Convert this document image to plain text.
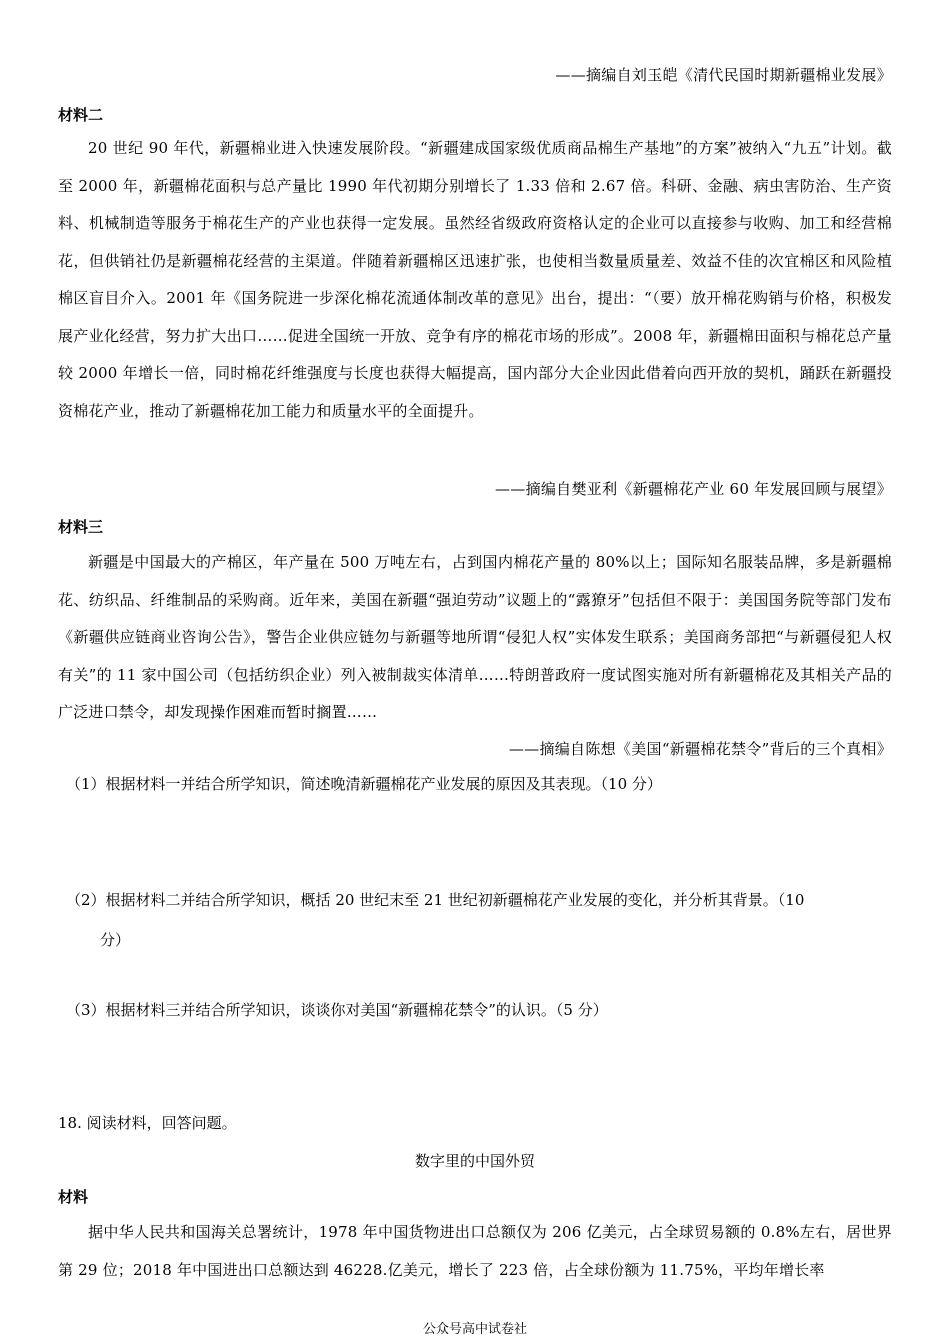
——摘编自刘玉皑《清代民国时期新疆棉业发展》
材料二
20 世纪 90 年代，新疆棉业进入快速发展阶段。“新疆建成国家级优质商品棉生产基地”的方案”被纳入“九五”计划。截至 2000 年，新疆棉花面积与总产量比 1990 年代初期分别增长了 1.33 倍和 2.67 倍。科研、金融、病虫害防治、生产资料、机械制造等服务于棉花生产的产业也获得一定发展。虽然经省级政府资格认定的企业可以直接参与收购、加工和经营棉花，但供销社仍是新疆棉花经营的主渠道。伴随着新疆棉区迅速扩张，也使相当数量质量差、效益不佳的次宜棉区和风险植棉区盲目介入。2001 年《国务院进一步深化棉花流通体制改革的意见》出台，提出：“（要）放开棉花购销与价格，积极发展产业化经营，努力扩大出口……促进全国统一开放、竞争有序的棉花市场的形成”。2008 年，新疆棉田面积与棉花总产量较 2000 年增长一倍，同时棉花纤维强度与长度也获得大幅提高，国内部分大企业因此借着向西开放的契机，踊跃在新疆投资棉花产业，推动了新疆棉花加工能力和质量水平的全面提升。
——摘编自樊亚利《新疆棉花产业 60 年发展回顾与展望》
材料三
新疆是中国最大的产棉区，年产量在 500 万吨左右，占到国内棉花产量的 80%以上；国际知名服装品牌，多是新疆棉花、纺织品、纤维制品的采购商。近年来，美国在新疆“强迫劳动”议题上的“露獠牙”包括但不限于：美国国务院等部门发布《新疆供应链商业咨询公告》，警告企业供应链勿与新疆等地所谓“侵犯人权”实体发生联系；美国商务部把“与新疆侵犯人权有关”的 11 家中国公司（包括纺织企业）列入被制裁实体清单……特朗普政府一度试图实施对所有新疆棉花及其相关产品的广泛进口禁令，却发现操作困难而暂时搁置……
——摘编自陈想《美国“新疆棉花禁令”背后的三个真相》
（1）根据材料一并结合所学知识，简述晚清新疆棉花产业发展的原因及其表现。（10 分）
（2）根据材料二并结合所学知识，概括 20 世纪末至 21 世纪初新疆棉花产业发展的变化，并分析其背景。（10
分）
（3）根据材料三并结合所学知识，谈谈你对美国“新疆棉花禁令”的认识。（5 分）
18. 阅读材料，回答问题。
数字里的中国外贸
材料
据中华人民共和国海关总署统计，1978 年中国货物进出口总额仅为 206 亿美元，占全球贸易额的 0.8%左右，居世界第 29 位；2018 年中国进出口总额达到 46228.亿美元，增长了 223 倍，占全球份额为 11.75%，平均年增长率
公众号高中试卷社
